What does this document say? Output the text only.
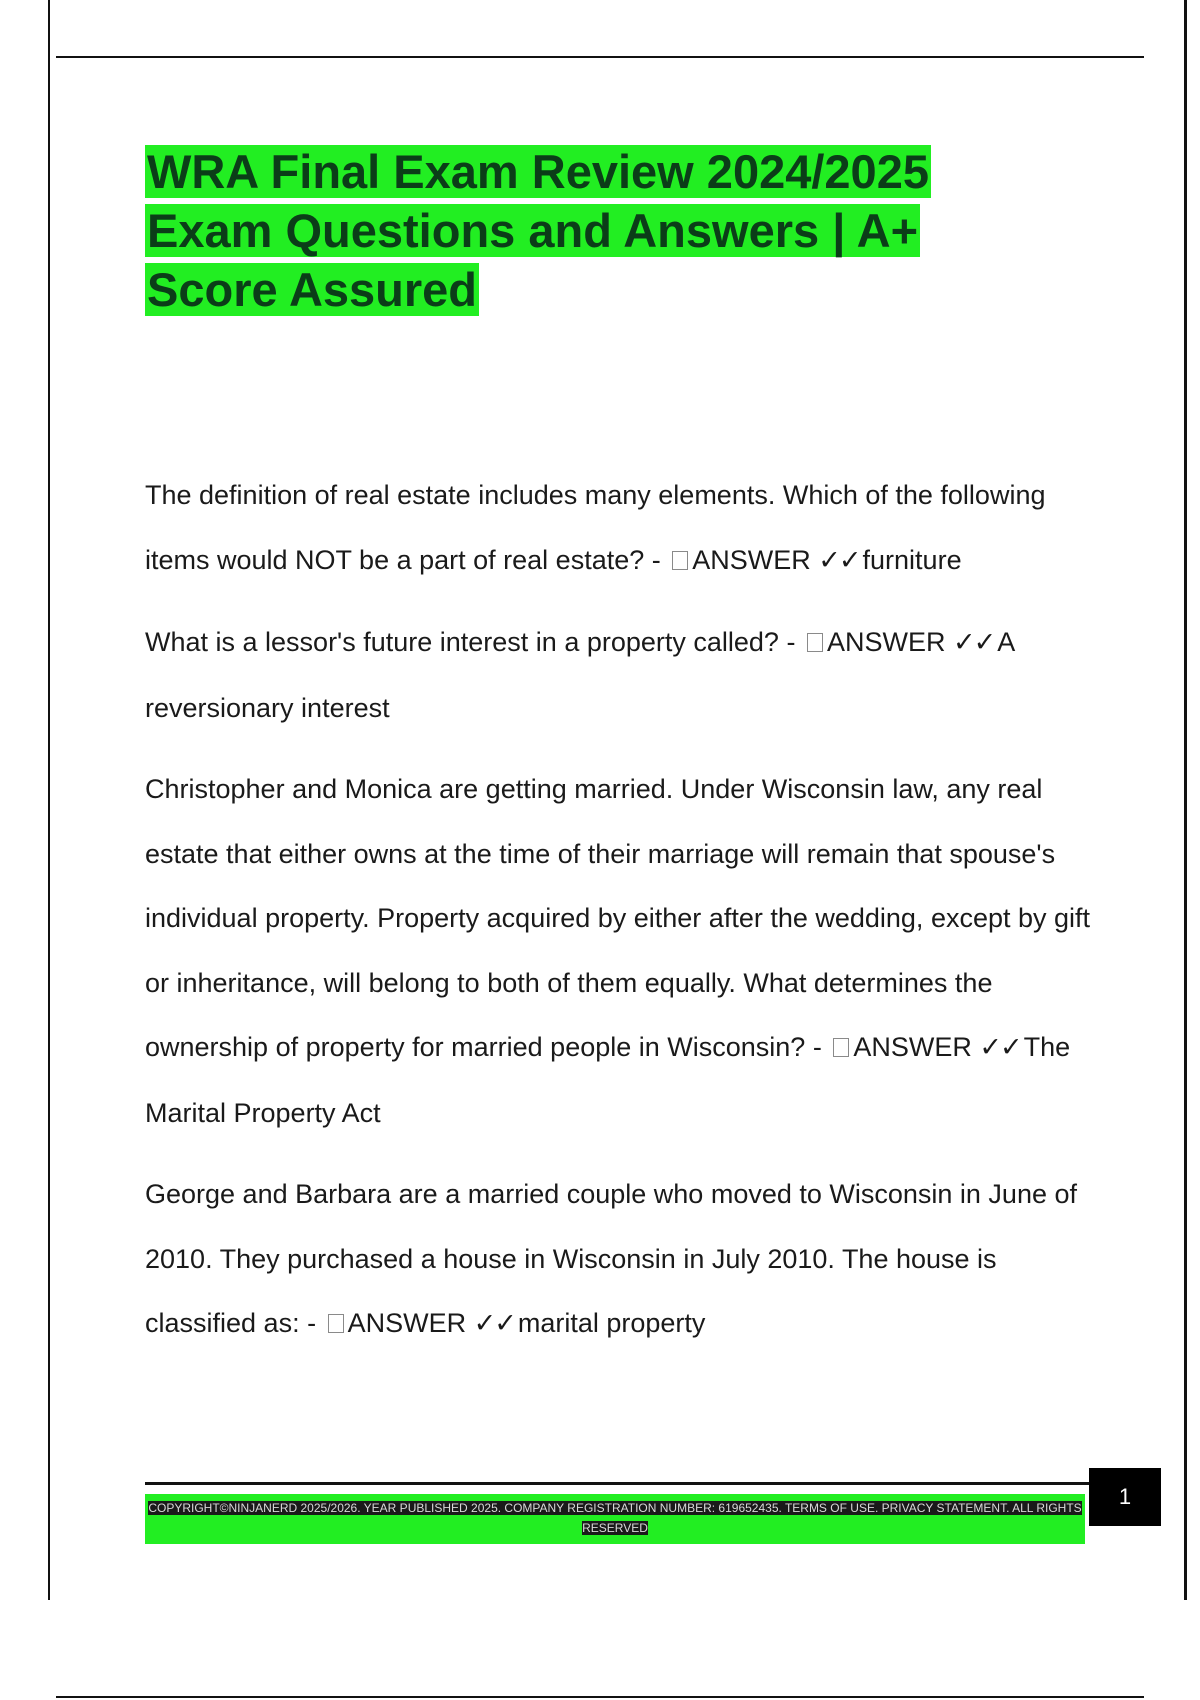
WRA Final Exam Review 2024/2025 Exam Questions and Answers | A+ Score Assured

The definition of real estate includes many elements. Which of the following items would NOT be a part of real estate? - ANSWER ✓✓ furniture

What is a lessor's future interest in a property called? - ANSWER ✓✓ A reversionary interest

Christopher and Monica are getting married. Under Wisconsin law, any real estate that either owns at the time of their marriage will remain that spouse's individual property. Property acquired by either after the wedding, except by gift or inheritance, will belong to both of them equally. What determines the ownership of property for married people in Wisconsin? - ANSWER ✓✓ The Marital Property Act

George and Barbara are a married couple who moved to Wisconsin in June of 2010. They purchased a house in Wisconsin in July 2010. The house is classified as: - ANSWER ✓✓ marital property

COPYRIGHT©NINJANERD 2025/2026. YEAR PUBLISHED 2025. COMPANY REGISTRATION NUMBER: 619652435. TERMS OF USE. PRIVACY STATEMENT. ALL RIGHTS RESERVED
1
